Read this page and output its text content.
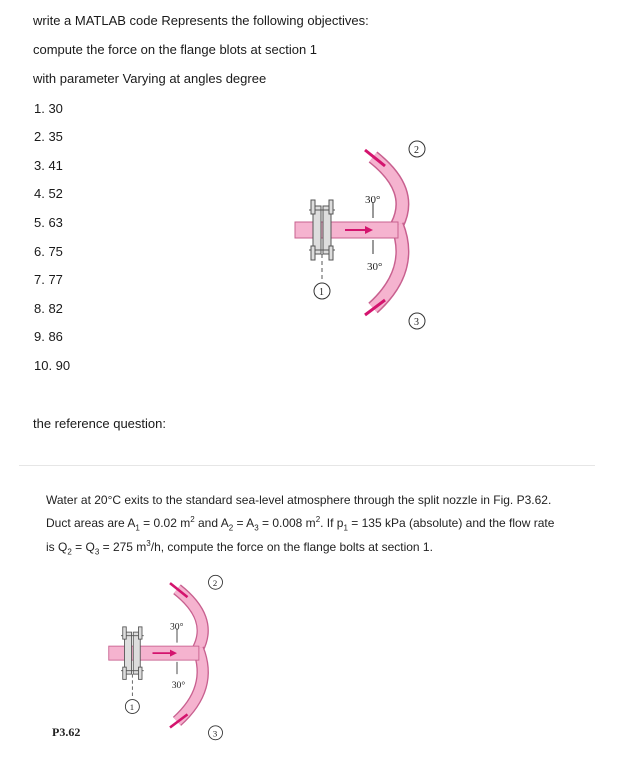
write a MATLAB code Represents the following objectives:
compute the force on the flange blots at section 1
with parameter Varying at angles degree
1. 30
2. 35
3. 41
4. 52
5. 63
6. 75
7. 77
8. 82
9. 86
10. 90
30°
30°
1
2
3
the reference question:
Water at 20°C exits to the standard sea-level atmosphere through the split nozzle in Fig. P3.62.
Duct areas are $A_1 = 0.02$ $m^2$ and $A_2 = A_3 = 0.008$ $m^2$. If $p_1 = 135$ kPa (absolute) and the flow rate
is $Q_2 = Q_3 = 275$ $m^3/h$, compute the force on the flange bolts at section 1.
30°
30°
1
2
3
P3.62
